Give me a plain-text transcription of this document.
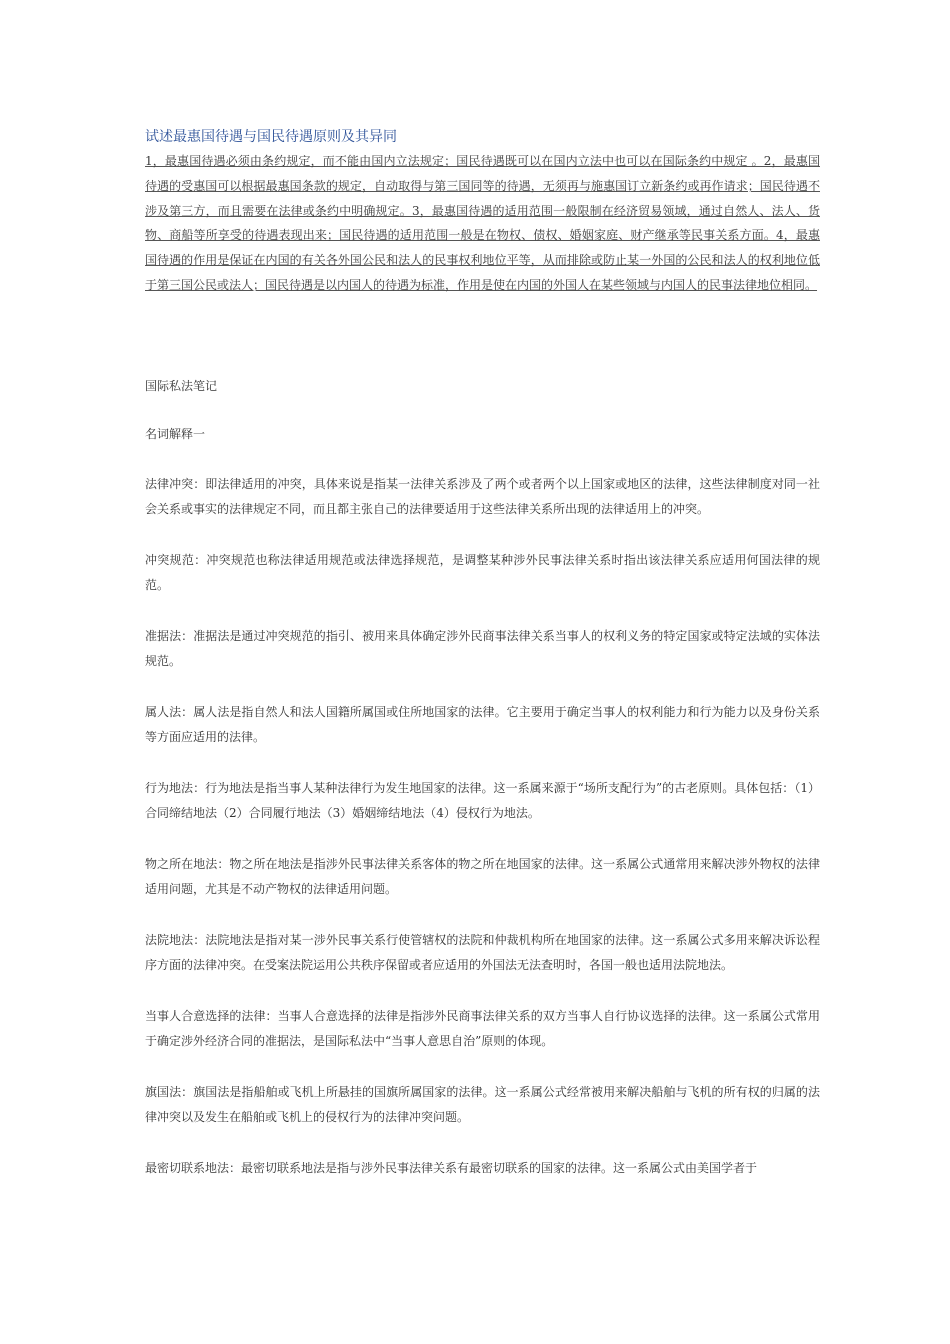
试述最惠国待遇与国民待遇原则及其异同

1，最惠国待遇必须由条约规定，而不能由国内立法规定；国民待遇既可以在国内立法中也可以在国际条约中规定 。2，最惠国待遇的受惠国可以根据最惠国条款的规定，自动取得与第三国同等的待遇，无须再与施惠国订立新条约或再作请求；国民待遇不涉及第三方，而且需要在法律或条约中明确规定。3，最惠国待遇的适用范围一般限制在经济贸易领域，通过自然人、法人、货物、商船等所享受的待遇表现出来；国民待遇的适用范围一般是在物权、债权、婚姻家庭、财产继承等民事关系方面。4，最惠国待遇的作用是保证在内国的有关各外国公民和法人的民事权利地位平等，从而排除或防止某一外国的公民和法人的权利地位低于第三国公民或法人；国民待遇是以内国人的待遇为标准，作用是使在内国的外国人在某些领域与内国人的民事法律地位相同。

国际私法笔记

名词解释一

法律冲突：即法律适用的冲突，具体来说是指某一法律关系涉及了两个或者两个以上国家或地区的法律，这些法律制度对同一社会关系或事实的法律规定不同，而且都主张自己的法律要适用于这些法律关系所出现的法律适用上的冲突。

冲突规范：冲突规范也称法律适用规范或法律选择规范，是调整某种涉外民事法律关系时指出该法律关系应适用何国法律的规范。

准据法：准据法是通过冲突规范的指引、被用来具体确定涉外民商事法律关系当事人的权利义务的特定国家或特定法域的实体法规范。

属人法：属人法是指自然人和法人国籍所属国或住所地国家的法律。它主要用于确定当事人的权利能力和行为能力以及身份关系等方面应适用的法律。

行为地法：行为地法是指当事人某种法律行为发生地国家的法律。这一系属来源于“场所支配行为”的古老原则。具体包括：（1）合同缔结地法（2）合同履行地法（3）婚姻缔结地法（4）侵权行为地法。

物之所在地法：物之所在地法是指涉外民事法律关系客体的物之所在地国家的法律。这一系属公式通常用来解决涉外物权的法律适用问题，尤其是不动产物权的法律适用问题。

法院地法：法院地法是指对某一涉外民事关系行使管辖权的法院和仲裁机构所在地国家的法律。这一系属公式多用来解决诉讼程序方面的法律冲突。在受案法院运用公共秩序保留或者应适用的外国法无法查明时，各国一般也适用法院地法。

当事人合意选择的法律：当事人合意选择的法律是指涉外民商事法律关系的双方当事人自行协议选择的法律。这一系属公式常用于确定涉外经济合同的准据法，是国际私法中“当事人意思自治”原则的体现。

旗国法：旗国法是指船舶或飞机上所悬挂的国旗所属国家的法律。这一系属公式经常被用来解决船舶与飞机的所有权的归属的法律冲突以及发生在船舶或飞机上的侵权行为的法律冲突问题。

最密切联系地法：最密切联系地法是指与涉外民事法律关系有最密切联系的国家的法律。这一系属公式由美国学者于
